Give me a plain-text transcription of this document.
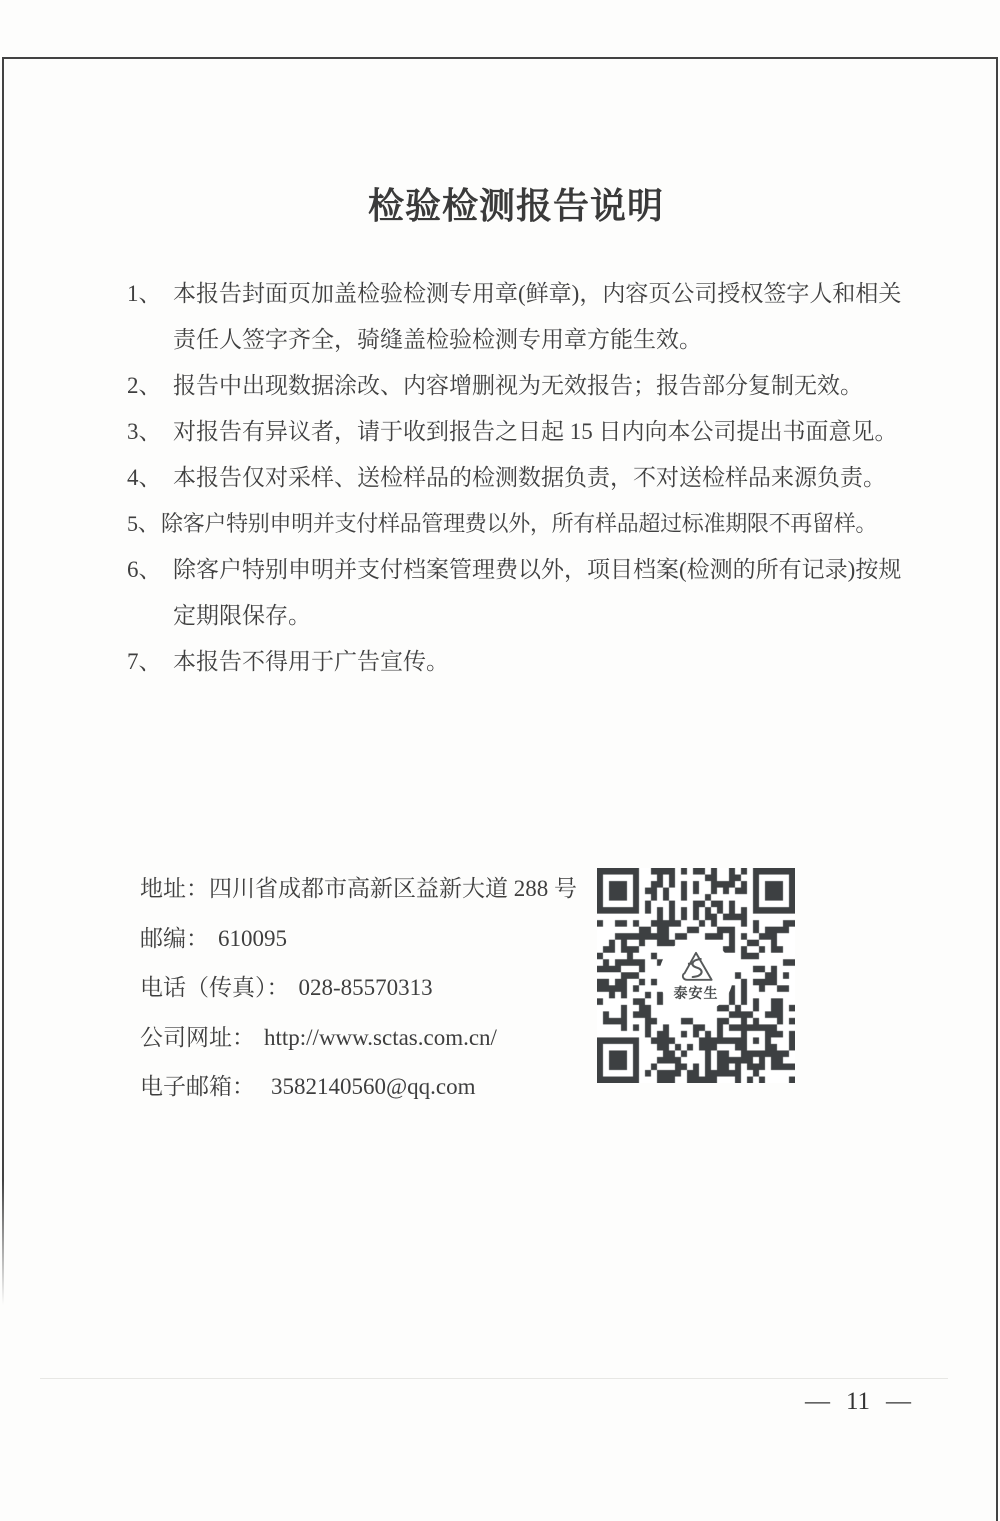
检验检测报告说明
1、 本报告封面页加盖检验检测专用章(鲜章)，内容页公司授权签字人和相关
责任人签字齐全，骑缝盖检验检测专用章方能生效。
2、 报告中出现数据涂改、内容增删视为无效报告；报告部分复制无效。
3、 对报告有异议者，请于收到报告之日起 15 日内向本公司提出书面意见。
4、 本报告仅对采样、送检样品的检测数据负责，不对送检样品来源负责。
5、 除客户特别申明并支付样品管理费以外，所有样品超过标准期限不再留样。
6、 除客户特别申明并支付档案管理费以外，项目档案(检测的所有记录)按规
定期限保存。
7、 本报告不得用于广告宣传。
地址：四川省成都市高新区益新大道 288 号
邮编： 610095
电话（传真）： 028-85570313
公司网址： http://www.sctas.com.cn/
电子邮箱： 3582140560@qq.com
泰安生
— 11 —
